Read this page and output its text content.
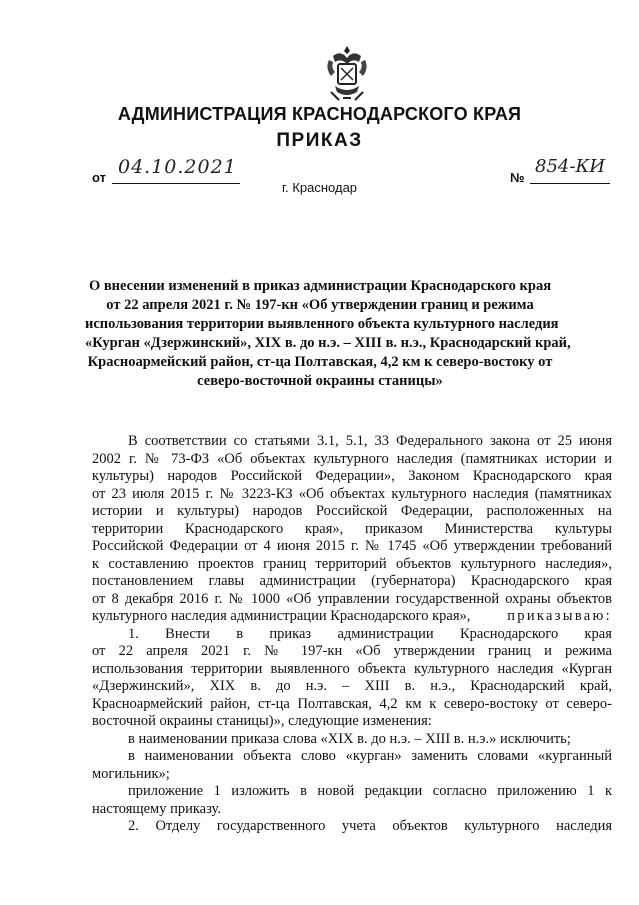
АДМИНИСТРАЦИЯ КРАСНОДАРСКОГО КРАЯ
ПРИКАЗ
от 04.10.2021	№
854-КИ
г. Краснодар
О внесении изменений в приказ администрации Краснодарского края
от 22 апреля 2021 г. № 197-кн «Об утверждении границ и режима
использования территории выявленного объекта культурного наследия
«Курган «Дзержинский», XIX в. до н.э. – XIII в. н.э., Краснодарский край,
Красноармейский район, ст-ца Полтавская, 4,2 км к северо-востоку от
северо-восточной окраины станицы»
В соответствии со статьями 3.1, 5.1, 33 Федерального закона от 25 июня
2002 г. № 73-ФЗ «Об объектах культурного наследия (памятниках истории и
культуры) народов Российской Федерации», Законом Краснодарского края
от 23 июля 2015 г. № 3223-КЗ «Об объектах культурного наследия (памятниках
истории и культуры) народов Российской Федерации, расположенных на
территории Краснодарского края», приказом Министерства культуры
Российской Федерации от 4 июня 2015 г. № 1745 «Об утверждении требований
к составлению проектов границ территорий объектов культурного наследия»,
постановлением главы администрации (губернатора) Краснодарского края
от 8 декабря 2016 г. № 1000 «Об управлении государственной охраны объектов
культурного наследия администрации Краснодарского края»,	приказываю:
1. Внести в приказ администрации Краснодарского края
от 22 апреля 2021 г. № 197-кн «Об утверждении границ и режима
использования территории выявленного объекта культурного наследия «Курган
«Дзержинский», XIX в. до н.э. – XIII в. н.э., Краснодарский край,
Красноармейский район, ст-ца Полтавская, 4,2 км к северо-востоку от северо-
восточной окраины станицы)», следующие изменения:
в наименовании приказа слова «XIX в. до н.э. – XIII в. н.э.» исключить;
в наименовании объекта слово «курган» заменить словами «курганный
могильник»;
приложение 1 изложить в новой редакции согласно приложению 1 к
настоящему приказу.
2. Отделу государственного учета объектов культурного наследия
